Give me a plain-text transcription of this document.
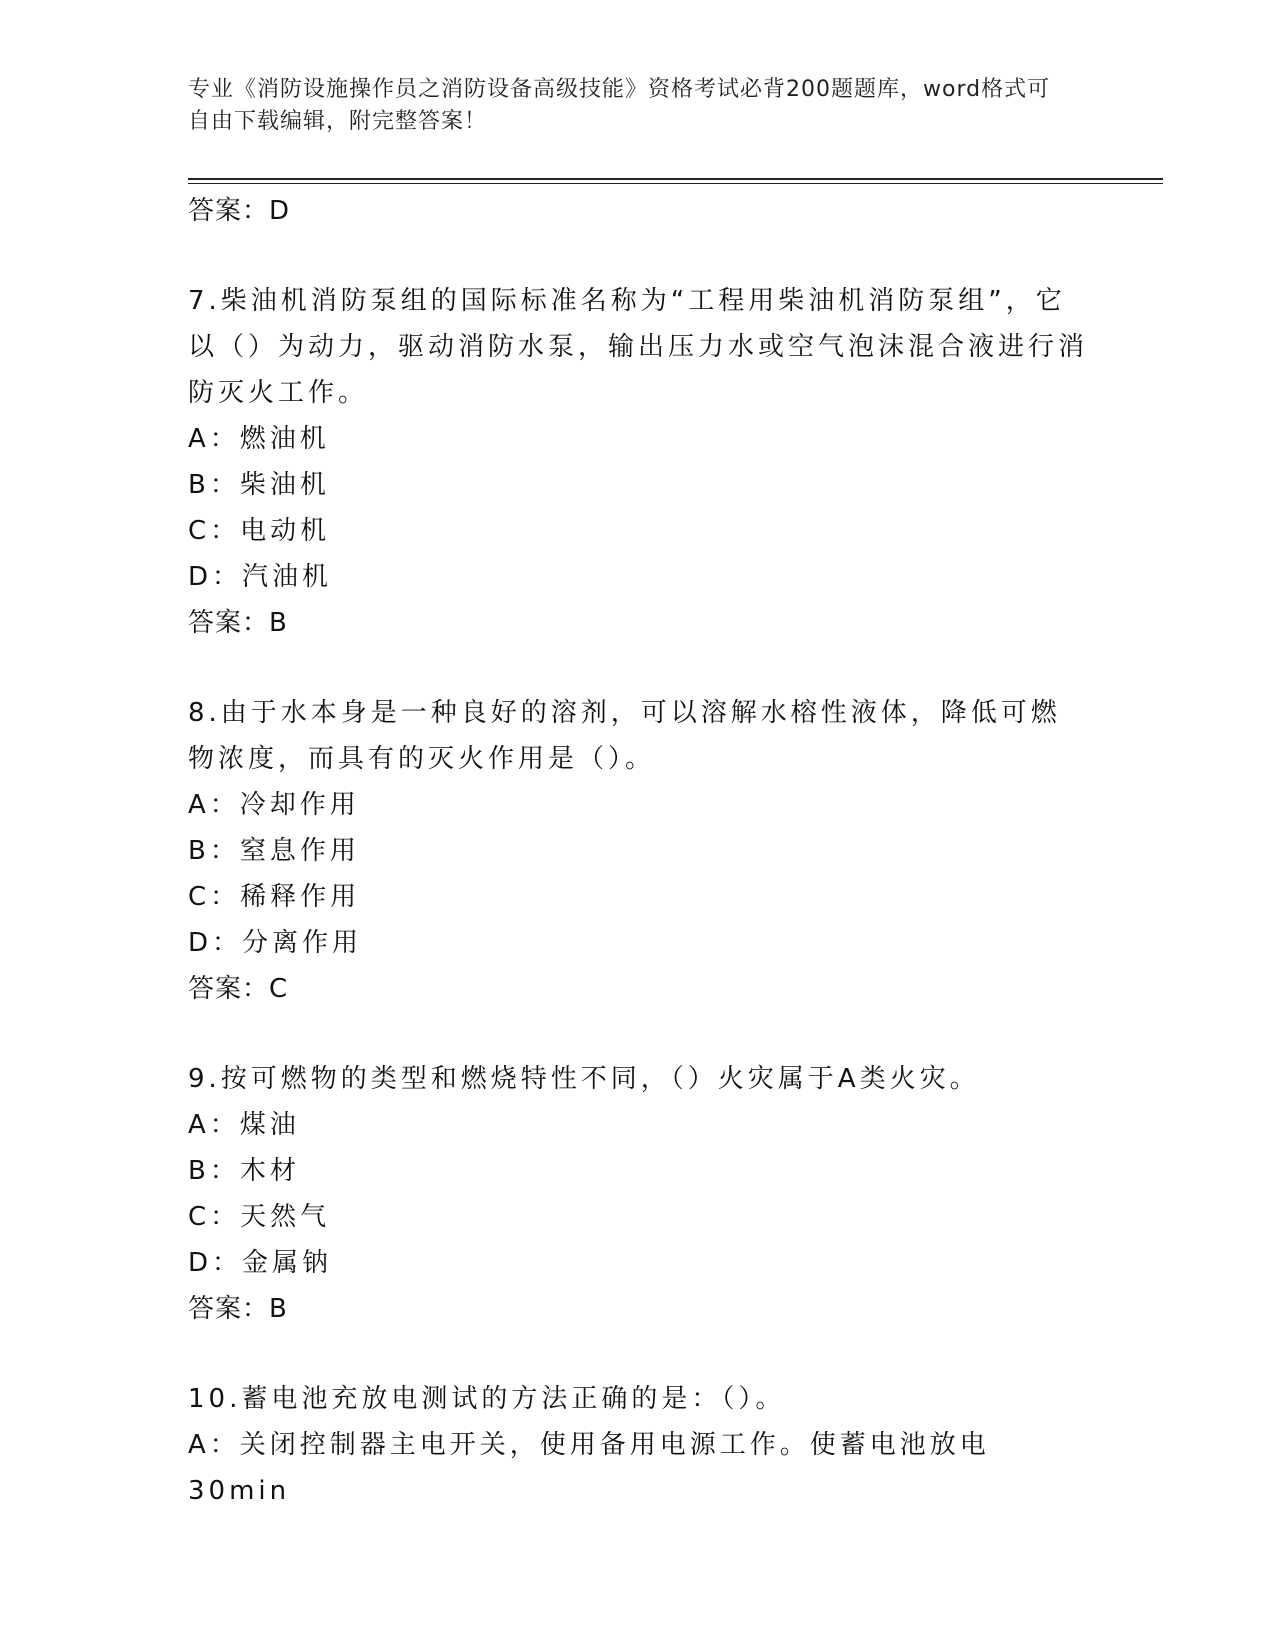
专业《消防设施操作员之消防设备高级技能》资格考试必背200题题库，word格式可自由下载编辑，附完整答案！
答案：D
7.柴油机消防泵组的国际标准名称为“工程用柴油机消防泵组”，它以（）为动力，驱动消防水泵，输出压力水或空气泡沫混合液进行消防灭火工作。
A：燃油机
B：柴油机
C：电动机
D：汽油机
答案：B
8.由于水本身是一种良好的溶剂，可以溶解水榕性液体，降低可燃物浓度，而具有的灭火作用是（）。
A：冷却作用
B：窒息作用
C：稀释作用
D：分离作用
答案：C
9.按可燃物的类型和燃烧特性不同，（）火灾属于A类火灾。
A：煤油
B：木材
C：天然气
D：金属钠
答案：B
10.蓄电池充放电测试的方法正确的是：（）。
A：关闭控制器主电开关，使用备用电源工作。使蓄电池放电30min
